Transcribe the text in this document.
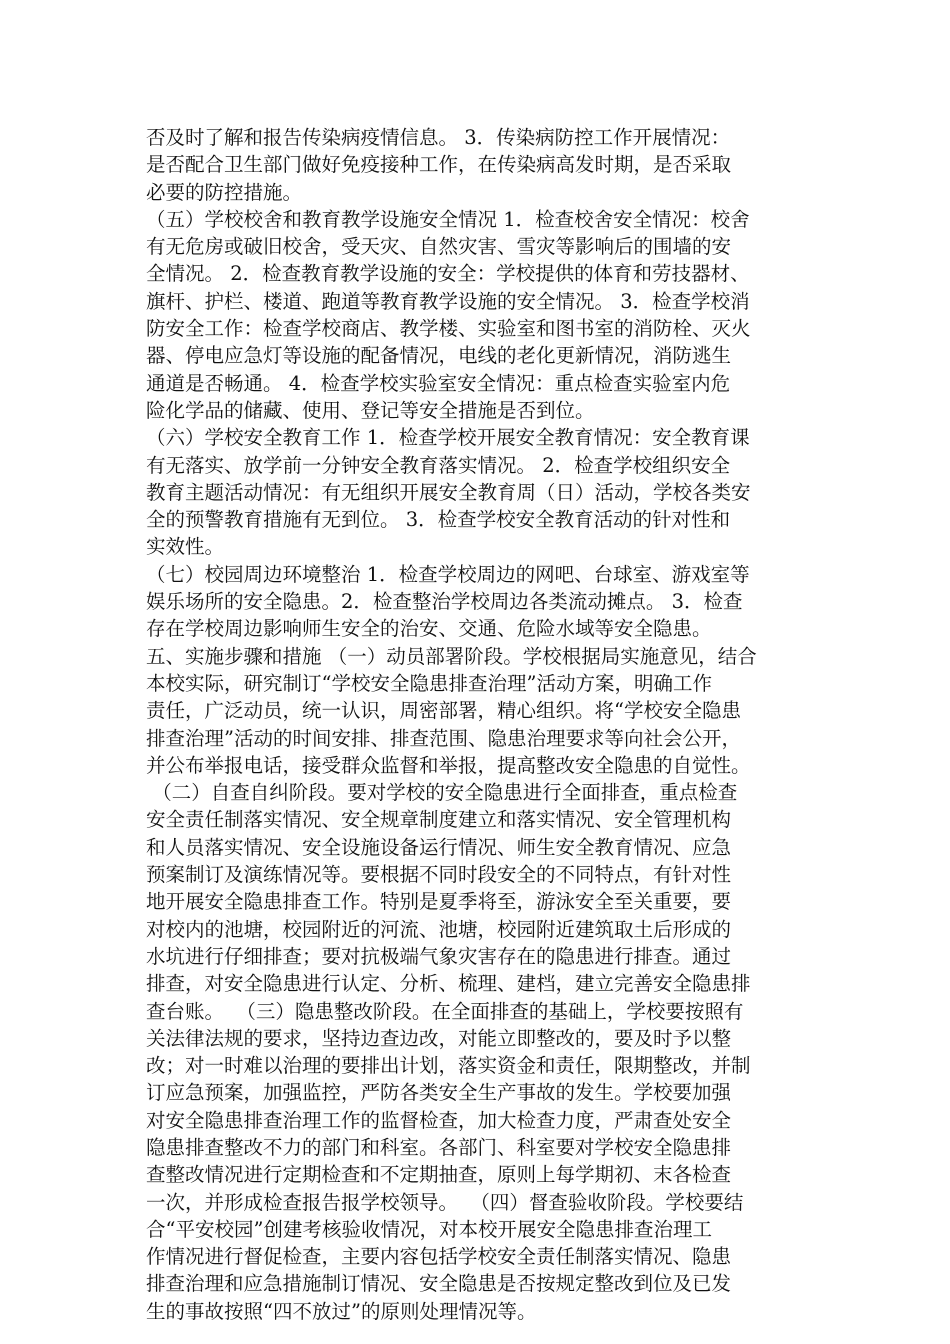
否及时了解和报告传染病疫情信息。 3．传染病防控工作开展情况：
是否配合卫生部门做好免疫接种工作，在传染病高发时期，是否采取
必要的防控措施。
（五）学校校舍和教育教学设施安全情况 1．检查校舍安全情况：校舍
有无危房或破旧校舍，受天灾、自然灾害、雪灾等影响后的围墙的安
全情况。 2．检查教育教学设施的安全：学校提供的体育和劳技器材、
旗杆、护栏、楼道、跑道等教育教学设施的安全情况。 3．检查学校消
防安全工作：检查学校商店、教学楼、实验室和图书室的消防栓、灭火
器、停电应急灯等设施的配备情况，电线的老化更新情况，消防逃生
通道是否畅通。 4．检查学校实验室安全情况：重点检查实验室内危
险化学品的储藏、使用、登记等安全措施是否到位。
（六）学校安全教育工作 1．检查学校开展安全教育情况：安全教育课
有无落实、放学前一分钟安全教育落实情况。 2．检查学校组织安全
教育主题活动情况：有无组织开展安全教育周（日）活动，学校各类安
全的预警教育措施有无到位。 3．检查学校安全教育活动的针对性和
实效性。
（七）校园周边环境整治 1．检查学校周边的网吧、台球室、游戏室等
娱乐场所的安全隐患。2．检查整治学校周边各类流动摊点。 3．检查
存在学校周边影响师生安全的治安、交通、危险水域等安全隐患。
五、实施步骤和措施 （一）动员部署阶段。学校根据局实施意见，结合
本校实际，研究制订“学校安全隐患排查治理”活动方案，明确工作
责任，广泛动员，统一认识，周密部署，精心组织。将“学校安全隐患
排查治理”活动的时间安排、排查范围、隐患治理要求等向社会公开，
并公布举报电话，接受群众监督和举报，提高整改安全隐患的自觉性。
（二）自查自纠阶段。要对学校的安全隐患进行全面排查，重点检查
安全责任制落实情况、安全规章制度建立和落实情况、安全管理机构
和人员落实情况、安全设施设备运行情况、师生安全教育情况、应急
预案制订及演练情况等。要根据不同时段安全的不同特点，有针对性
地开展安全隐患排查工作。特别是夏季将至，游泳安全至关重要，要
对校内的池塘，校园附近的河流、池塘，校园附近建筑取土后形成的
水坑进行仔细排查；要对抗极端气象灾害存在的隐患进行排查。通过
排查，对安全隐患进行认定、分析、梳理、建档，建立完善安全隐患排
查台账。  （三）隐患整改阶段。在全面排查的基础上，学校要按照有
关法律法规的要求，坚持边查边改，对能立即整改的，要及时予以整
改；对一时难以治理的要排出计划，落实资金和责任，限期整改，并制
订应急预案，加强监控，严防各类安全生产事故的发生。学校要加强
对安全隐患排查治理工作的监督检查，加大检查力度，严肃查处安全
隐患排查整改不力的部门和科室。各部门、科室要对学校安全隐患排
查整改情况进行定期检查和不定期抽查，原则上每学期初、末各检查
一次，并形成检查报告报学校领导。  （四）督查验收阶段。学校要结
合“平安校园”创建考核验收情况，对本校开展安全隐患排查治理工
作情况进行督促检查，主要内容包括学校安全责任制落实情况、隐患
排查治理和应急措施制订情况、安全隐患是否按规定整改到位及已发
生的事故按照“四不放过”的原则处理情况等。
